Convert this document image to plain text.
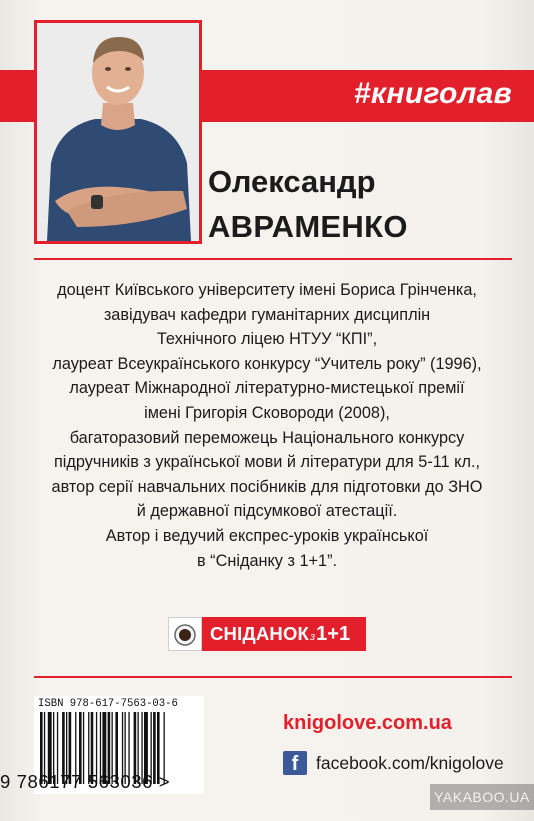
#книголав
Олександр
АВРАМЕНКО
доцент Київського університету імені Бориса Грінченка,
завідувач кафедри гуманітарних дисциплін
Технічного ліцею НТУУ “КПІ”,
лауреат Всеукраїнського конкурсу “Учитель року” (1996),
лауреат Міжнародної літературно-мистецької премії
імені Григорія Сковороди (2008),
багаторазовий переможець Національного конкурсу
підручників з української мови й літератури для 5-11 кл.,
автор серії навчальних посібників для підготовки до ЗНО
й державної підсумкової атестації.
Автор і ведучий експрес-уроків української
в “Сніданку з 1+1”.
СНІДАНОК з 1+1
ISBN 978-617-7563-03-6
9 786177 563036 >
knigolove.com.ua
f	facebook.com/knigolove
YAKABOO.UA
